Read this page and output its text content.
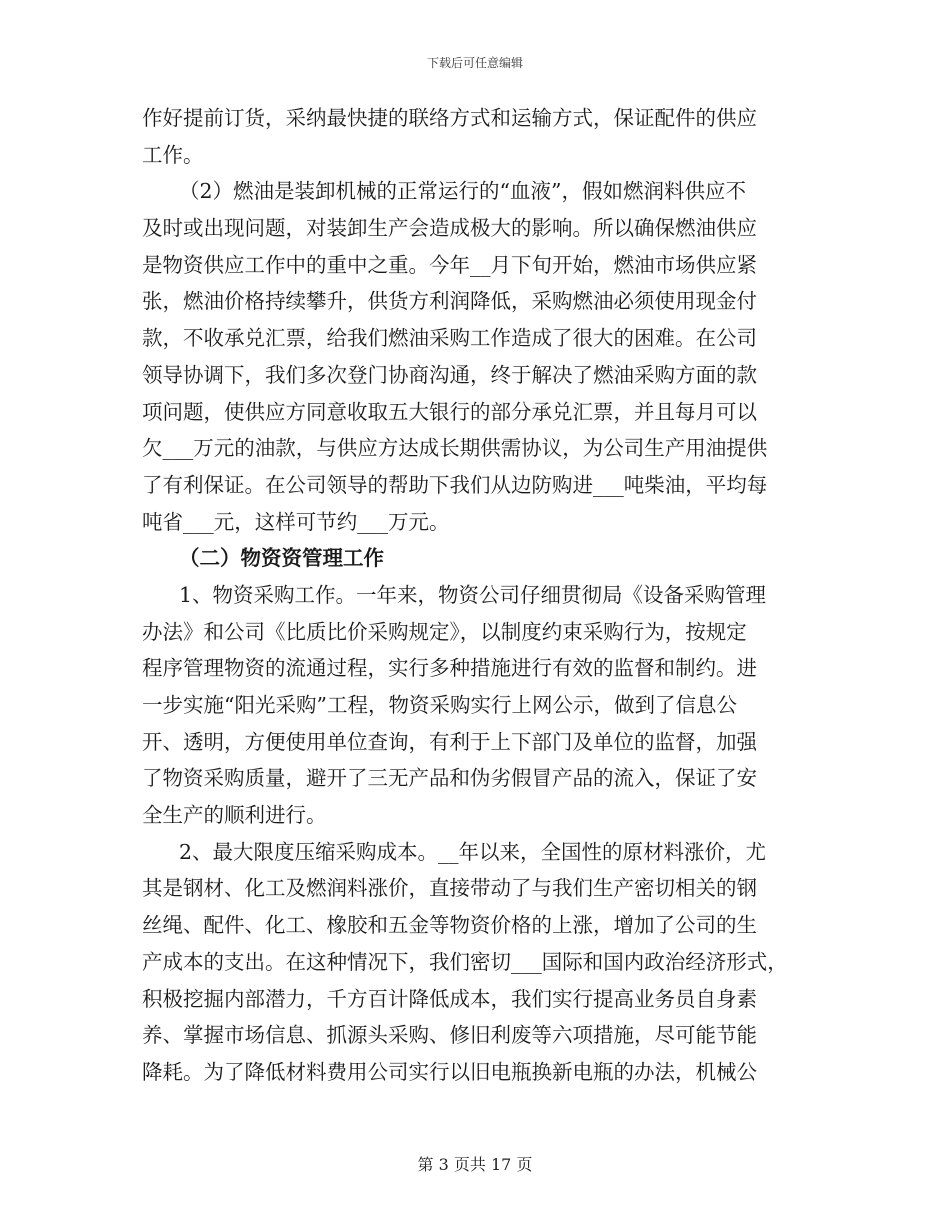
下载后可任意编辑
作好提前订货，采纳最快捷的联络方式和运输方式，保证配件的供应
工作。
（2）燃油是装卸机械的正常运行的“血液”，假如燃润料供应不
及时或出现问题，对装卸生产会造成极大的影响。所以确保燃油供应
是物资供应工作中的重中之重。今年__月下旬开始，燃油市场供应紧
张，燃油价格持续攀升，供货方利润降低，采购燃油必须使用现金付
款，不收承兑汇票，给我们燃油采购工作造成了很大的困难。在公司
领导协调下，我们多次登门协商沟通，终于解决了燃油采购方面的款
项问题，使供应方同意收取五大银行的部分承兑汇票，并且每月可以
欠___万元的油款，与供应方达成长期供需协议，为公司生产用油提供
了有利保证。在公司领导的帮助下我们从边防购进___吨柴油，平均每
吨省___元，这样可节约___万元。
（二）物资资管理工作
1、物资采购工作。一年来，物资公司仔细贯彻局《设备采购管理
办法》和公司《比质比价采购规定》，以制度约束采购行为，按规定
程序管理物资的流通过程，实行多种措施进行有效的监督和制约。进
一步实施“阳光采购”工程，物资采购实行上网公示，做到了信息公
开、透明，方便使用单位查询，有利于上下部门及单位的监督，加强
了物资采购质量，避开了三无产品和伪劣假冒产品的流入，保证了安
全生产的顺利进行。
2、最大限度压缩采购成本。__年以来，全国性的原材料涨价，尤
其是钢材、化工及燃润料涨价，直接带动了与我们生产密切相关的钢
丝绳、配件、化工、橡胶和五金等物资价格的上涨，增加了公司的生
产成本的支出。在这种情况下，我们密切___国际和国内政治经济形式，
积极挖掘内部潜力，千方百计降低成本，我们实行提高业务员自身素
养、掌握市场信息、抓源头采购、修旧利废等六项措施，尽可能节能
降耗。为了降低材料费用公司实行以旧电瓶换新电瓶的办法，机械公
第 3 页共 17 页
